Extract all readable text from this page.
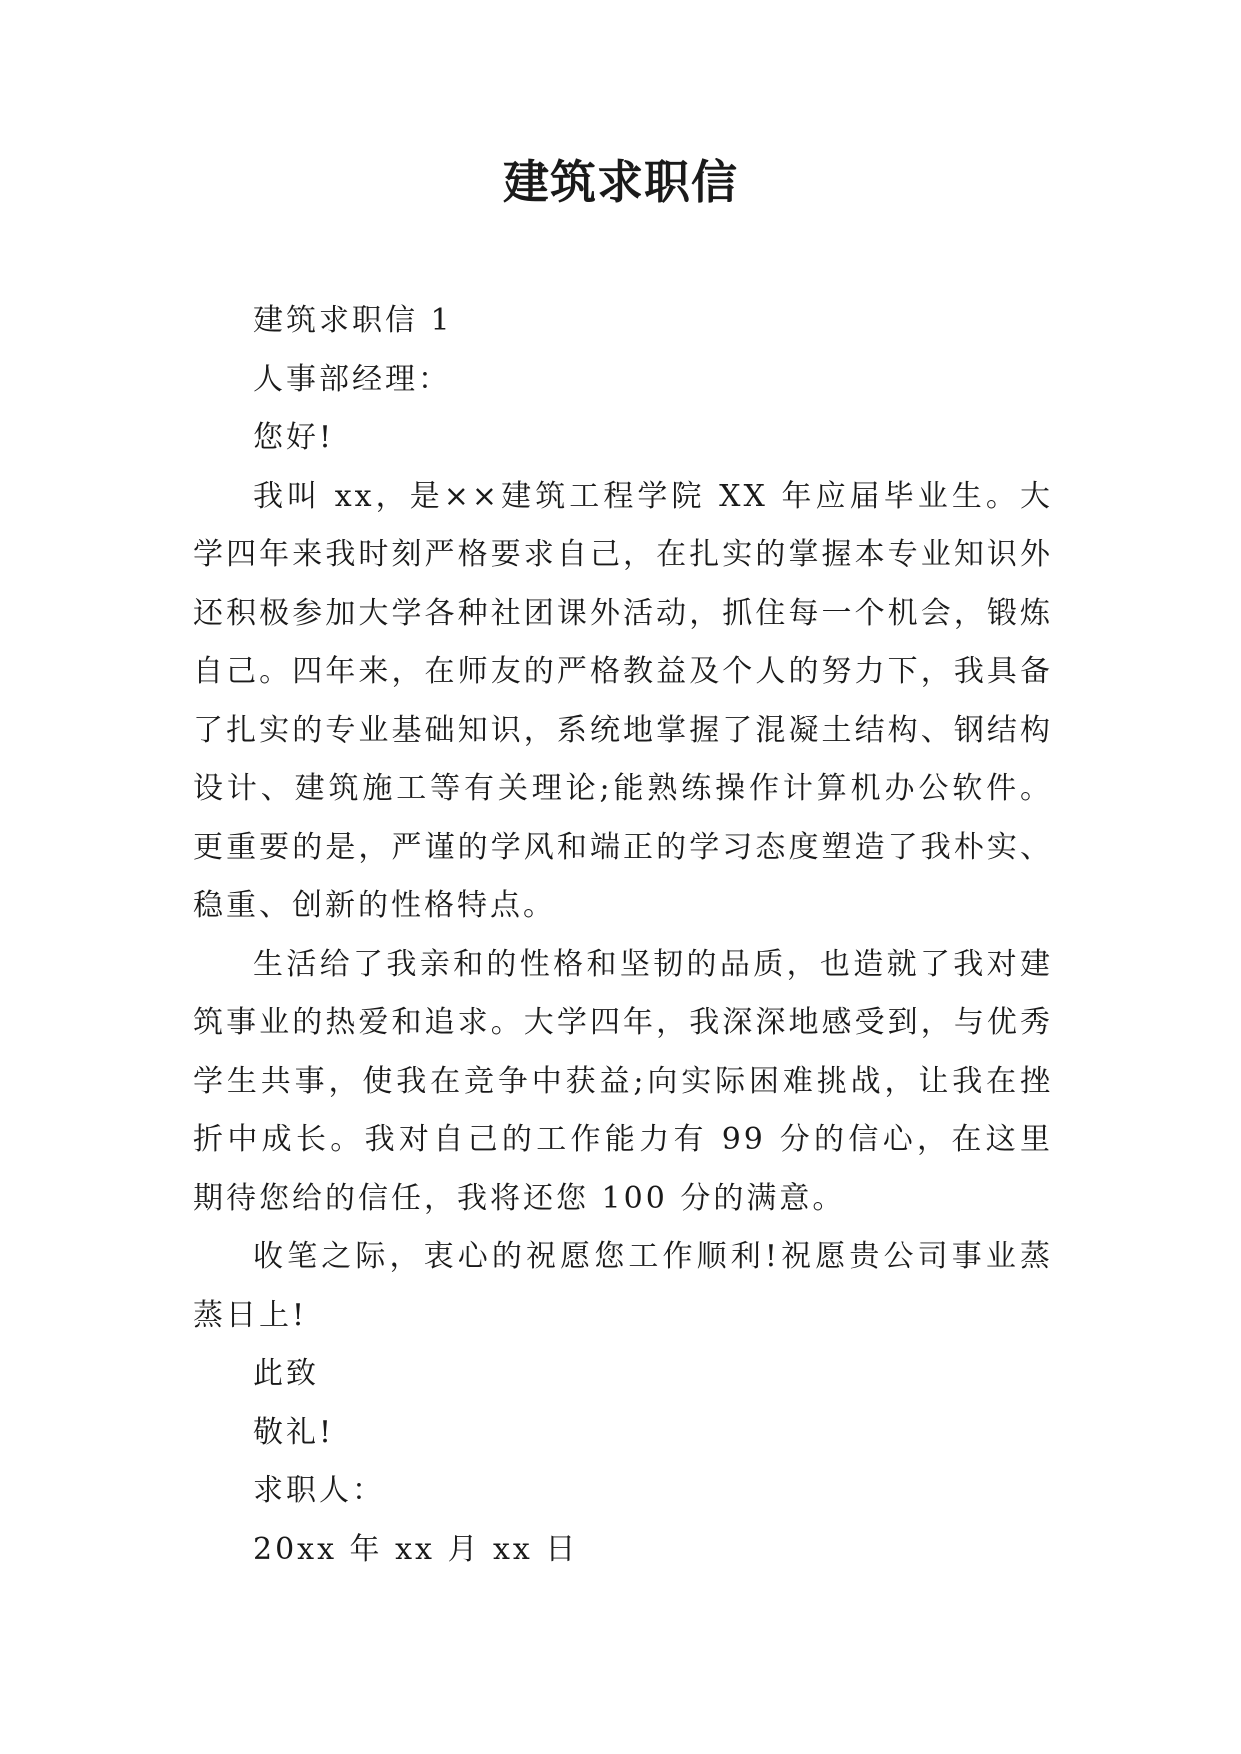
建筑求职信

建筑求职信 1

人事部经理：

您好!

我叫 xx，是××建筑工程学院 XX 年应届毕业生。大学四年来我时刻严格要求自己，在扎实的掌握本专业知识外还积极参加大学各种社团课外活动，抓住每一个机会，锻炼自己。四年来，在师友的严格教益及个人的努力下，我具备了扎实的专业基础知识，系统地掌握了混凝土结构、钢结构设计、建筑施工等有关理论;能熟练操作计算机办公软件。更重要的是，严谨的学风和端正的学习态度塑造了我朴实、稳重、创新的性格特点。

生活给了我亲和的性格和坚韧的品质，也造就了我对建筑事业的热爱和追求。大学四年，我深深地感受到，与优秀学生共事，使我在竞争中获益;向实际困难挑战，让我在挫折中成长。我对自己的工作能力有 99 分的信心，在这里期待您给的信任，我将还您 100 分的满意。

收笔之际，衷心的祝愿您工作顺利!祝愿贵公司事业蒸蒸日上!

此致

敬礼!

求职人：

20xx 年 xx 月 xx 日
